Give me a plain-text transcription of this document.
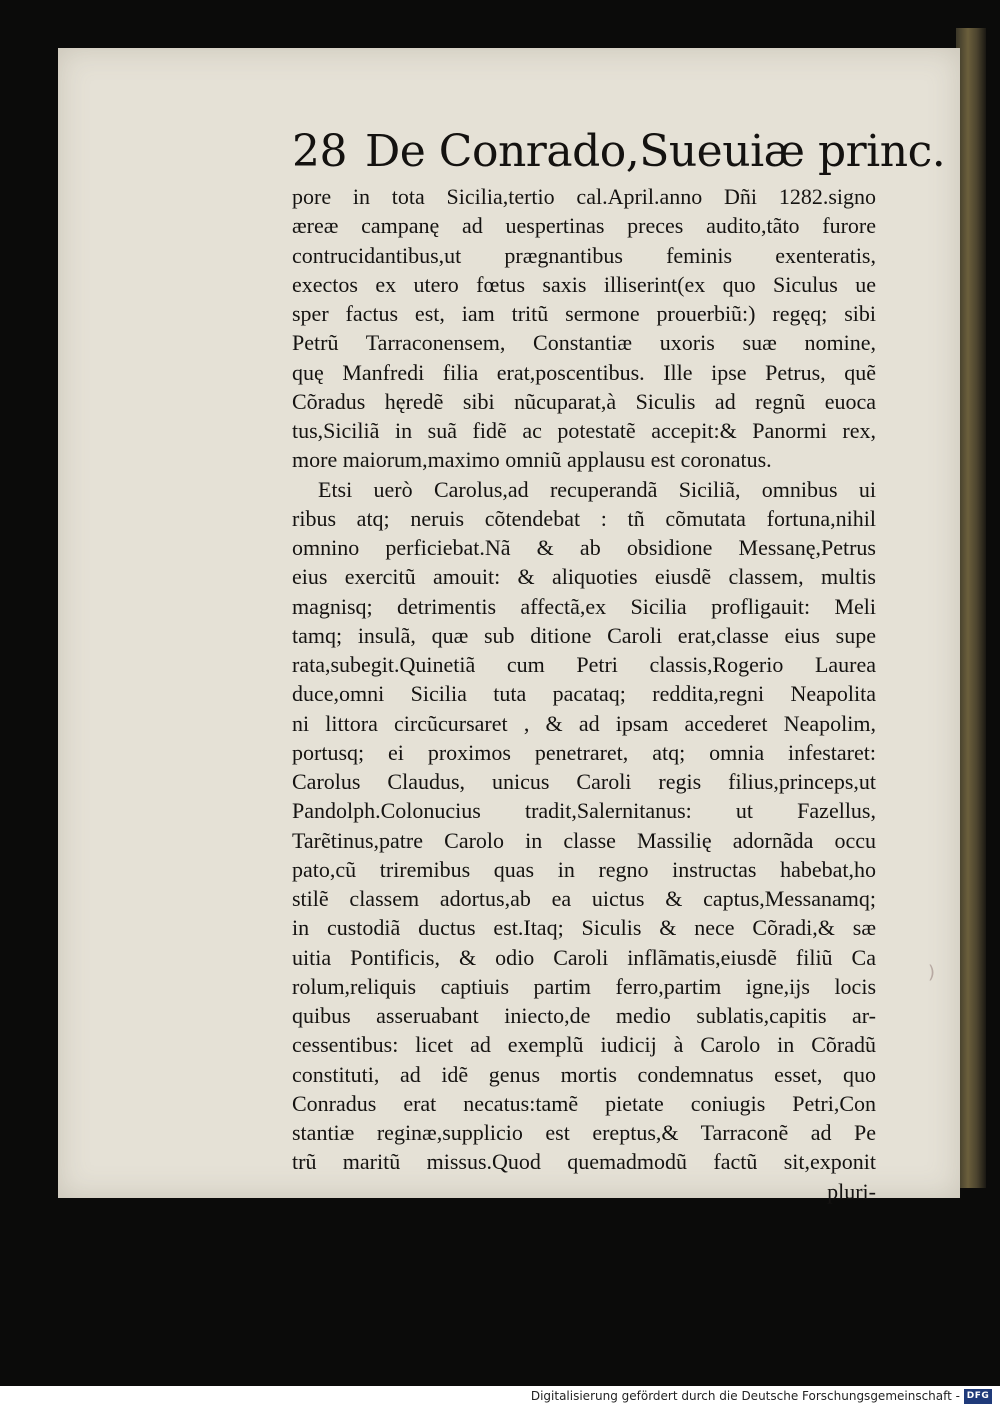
28 De Conrado,Sueuiæ princ.
pore in tota Sicilia,tertio cal.April.anno Dñi 1282.signo
æreæ campanę ad uespertinas preces audito,tãto furore
contrucidantibus,ut prægnantibus feminis exenteratis,
exectos ex utero fœtus saxis illiserint(ex quo Siculus ue
sper factus est, iam tritũ sermone prouerbiũ:) regęq; sibi
Petrũ Tarraconensem, Constantiæ uxoris suæ nomine,
quę Manfredi filia erat,poscentibus. Ille ipse Petrus, quẽ
Cõradus hęredẽ sibi nũcuparat,à Siculis ad regnũ euoca
tus,Siciliã in suã fidẽ ac potestatẽ accepit:& Panormi rex,
more maiorum,maximo omniũ applausu est coronatus.
Etsi uerò Carolus,ad recuperandã Siciliã, omnibus ui
ribus atq; neruis cõtendebat : tñ cõmutata fortuna,nihil
omnino perficiebat.Nã & ab obsidione Messanę,Petrus
eius exercitũ amouit: & aliquoties eiusdẽ classem, multis
magnisq; detrimentis affectã,ex Sicilia profligauit: Meli
tamq; insulã, quæ sub ditione Caroli erat,classe eius supe
rata,subegit.Quinetiã cum Petri classis,Rogerio Laurea
duce,omni Sicilia tuta pacataq; reddita,regni Neapolita
ni littora circũcursaret , & ad ipsam accederet Neapolim,
portusq; ei proximos penetraret, atq; omnia infestaret:
Carolus Claudus, unicus Caroli regis filius,princeps,ut
Pandolph.Colonucius tradit,Salernitanus: ut Fazellus,
Tarẽtinus,patre Carolo in classe Massilię adornãda occu
pato,cũ triremibus quas in regno instructas habebat,ho
stilẽ classem adortus,ab ea uictus & captus,Messanamq;
in custodiã ductus est.Itaq; Siculis & nece Cõradi,& sæ
uitia Pontificis, & odio Caroli inflãmatis,eiusdẽ filiũ Ca
rolum,reliquis captiuis partim ferro,partim igne,ijs locis
quibus asseruabant iniecto,de medio sublatis,capitis ar-
cessentibus: licet ad exemplũ iudicij à Carolo in Cõradũ
constituti, ad idẽ genus mortis condemnatus esset, quo
Conradus erat necatus:tamẽ pietate coniugis Petri,Con
stantiæ reginæ,supplicio est ereptus,& Tarraconẽ ad Pe
trũ maritũ missus.Quod quemadmodũ factũ sit,exponit
pluri-
)
Digitalisierung gefördert durch die Deutsche Forschungsgemeinschaft - DFG
